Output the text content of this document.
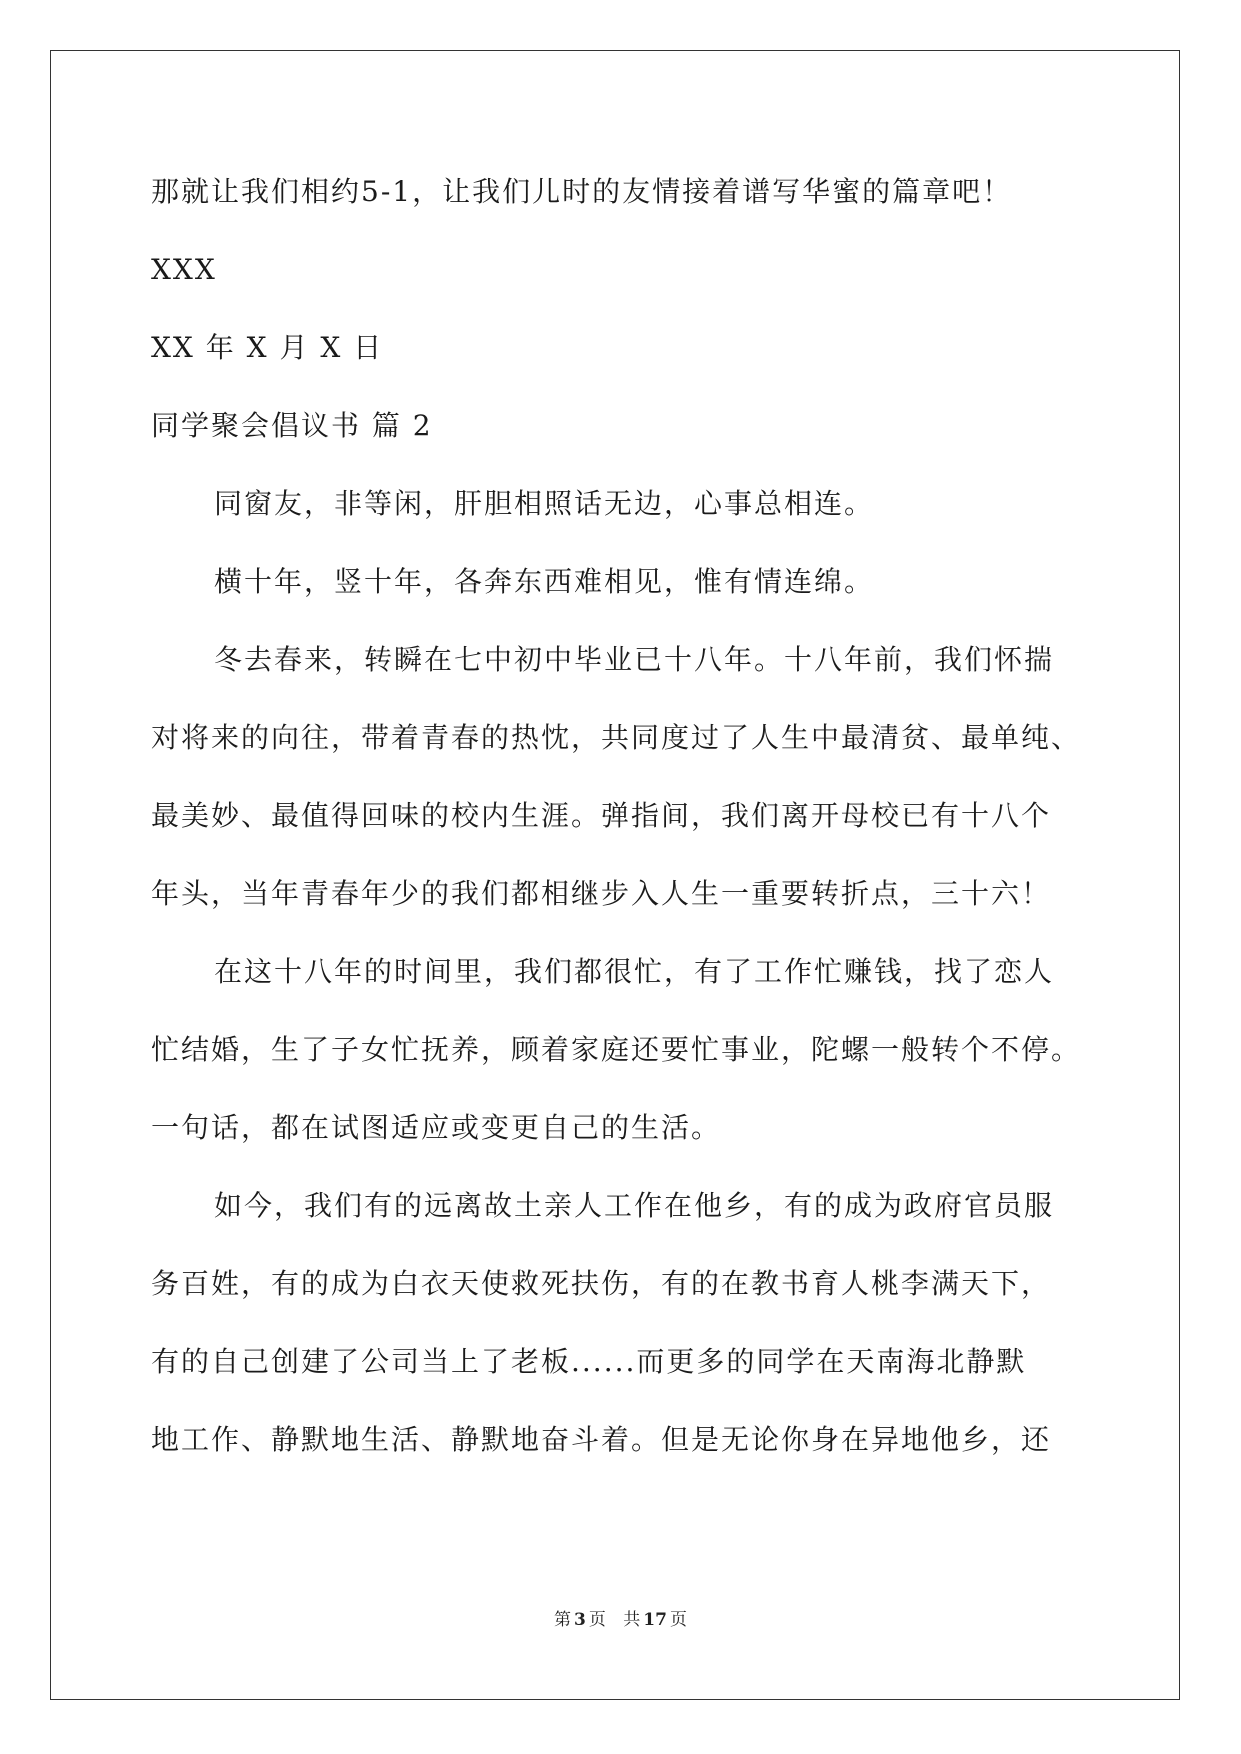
那就让我们相约5-1，让我们儿时的友情接着谱写华蜜的篇章吧！
XXX
XX 年 X 月 X 日
同学聚会倡议书 篇 2
同窗友，非等闲，肝胆相照话无边，心事总相连。
横十年，竖十年，各奔东西难相见，惟有情连绵。
冬去春来，转瞬在七中初中毕业已十八年。十八年前，我们怀揣
对将来的向往，带着青春的热忱，共同度过了人生中最清贫、最单纯、
最美妙、最值得回味的校内生涯。弹指间，我们离开母校已有十八个
年头，当年青春年少的我们都相继步入人生一重要转折点，三十六！
在这十八年的时间里，我们都很忙，有了工作忙赚钱，找了恋人
忙结婚，生了子女忙抚养，顾着家庭还要忙事业，陀螺一般转个不停。
一句话，都在试图适应或变更自己的生活。
如今，我们有的远离故土亲人工作在他乡，有的成为政府官员服
务百姓，有的成为白衣天使救死扶伤，有的在教书育人桃李满天下，
有的自己创建了公司当上了老板......而更多的同学在天南海北静默
地工作、静默地生活、静默地奋斗着。但是无论你身在异地他乡，还
第 3 页 共 17 页
